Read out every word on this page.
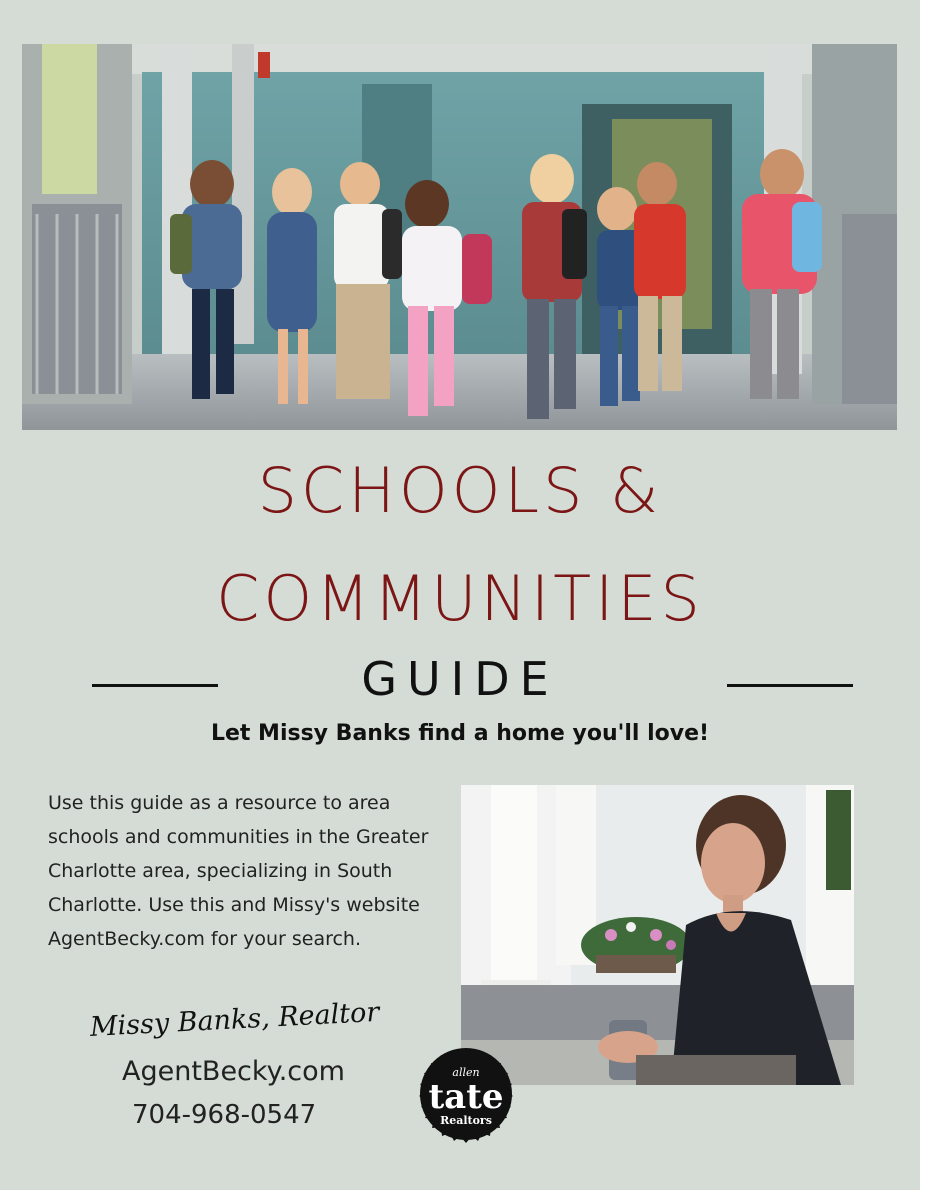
SCHOOLS &
COMMUNITIES
GUIDE
Let Missy Banks find a home you'll love!
Use this guide as a resource to area schools and communities in the Greater Charlotte area, specializing in South Charlotte. Use this and Missy's website AgentBecky.com for your search.
Missy Banks, Realtor
AgentBecky.com
704-968-0547
allen
tate
Realtors
